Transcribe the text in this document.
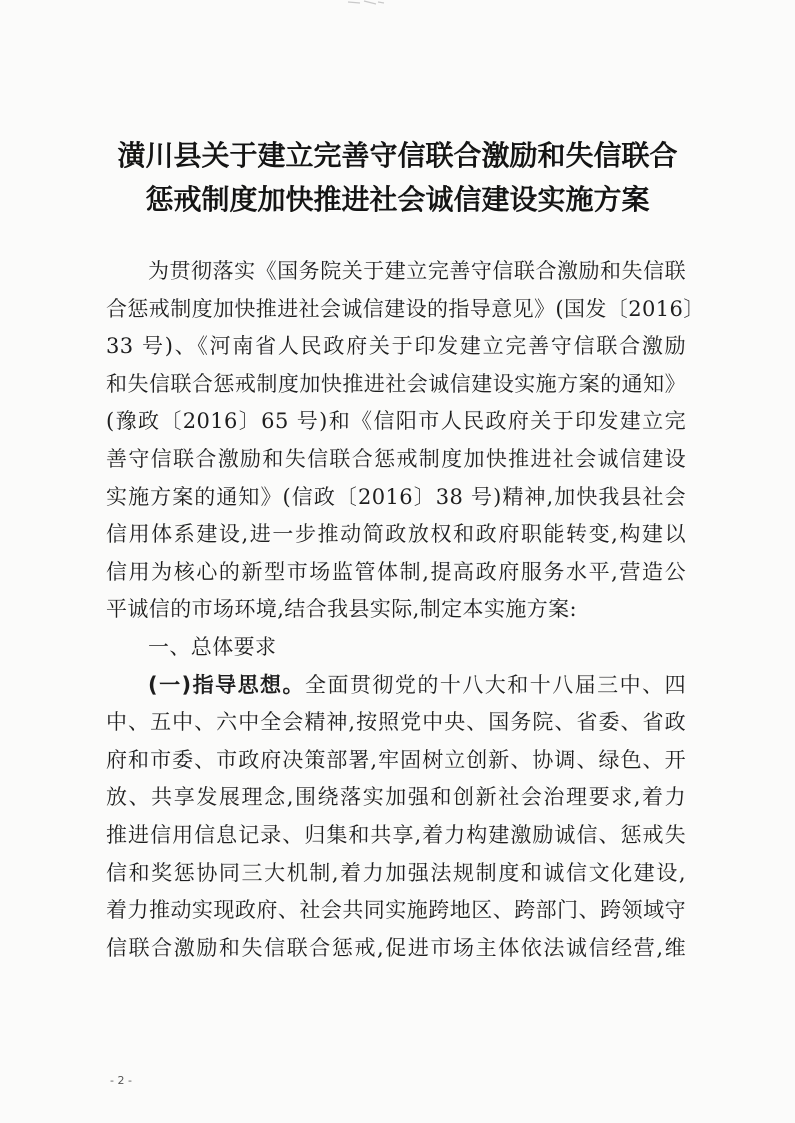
潢川县关于建立完善守信联合激励和失信联合
惩戒制度加快推进社会诚信建设实施方案
为贯彻落实《国务院关于建立完善守信联合激励和失信联
合惩戒制度加快推进社会诚信建设的指导意见》(国发〔2016〕
33 号)、《河南省人民政府关于印发建立完善守信联合激励
和失信联合惩戒制度加快推进社会诚信建设实施方案的通知》
(豫政〔2016〕65 号)和《信阳市人民政府关于印发建立完
善守信联合激励和失信联合惩戒制度加快推进社会诚信建设
实施方案的通知》(信政〔2016〕38 号)精神,加快我县社会
信用体系建设,进一步推动简政放权和政府职能转变,构建以
信用为核心的新型市场监管体制,提高政府服务水平,营造公
平诚信的市场环境,结合我县实际,制定本实施方案:
一、总体要求
(一)指导思想。全面贯彻党的十八大和十八届三中、四
中、五中、六中全会精神,按照党中央、国务院、省委、省政
府和市委、市政府决策部署,牢固树立创新、协调、绿色、开
放、共享发展理念,围绕落实加强和创新社会治理要求,着力
推进信用信息记录、归集和共享,着力构建激励诚信、惩戒失
信和奖惩协同三大机制,着力加强法规制度和诚信文化建设,
着力推动实现政府、社会共同实施跨地区、跨部门、跨领域守
信联合激励和失信联合惩戒,促进市场主体依法诚信经营,维
- 2 -
